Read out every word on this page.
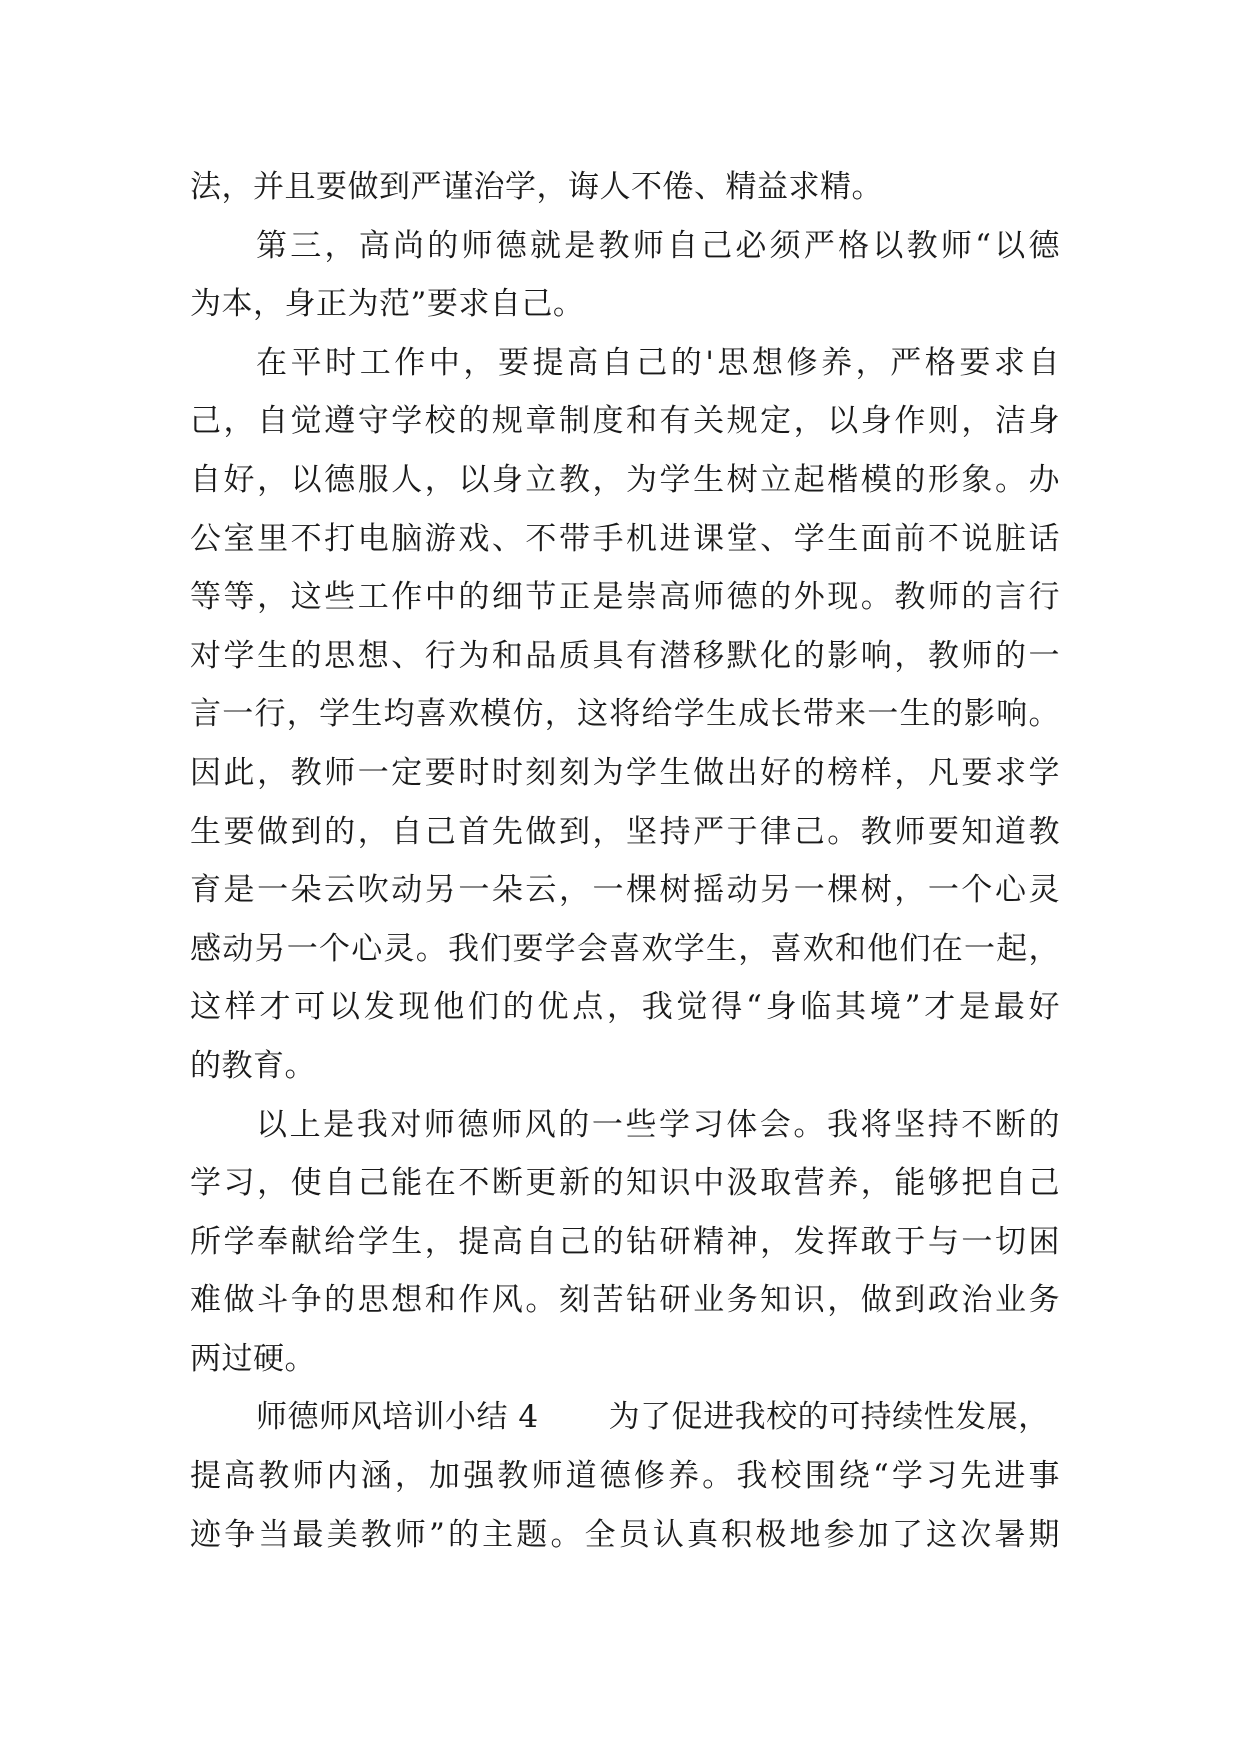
法，并且要做到严谨治学，诲人不倦、精益求精。
第三，高尚的师德就是教师自己必须严格以教师“以德
为本，身正为范”要求自己。
在平时工作中，要提高自己的'思想修养，严格要求自
己，自觉遵守学校的规章制度和有关规定，以身作则，洁身
自好，以德服人，以身立教，为学生树立起楷模的形象。办
公室里不打电脑游戏、不带手机进课堂、学生面前不说脏话
等等，这些工作中的细节正是崇高师德的外现。教师的言行
对学生的思想、行为和品质具有潜移默化的影响，教师的一
言一行，学生均喜欢模仿，这将给学生成长带来一生的影响。
因此，教师一定要时时刻刻为学生做出好的榜样，凡要求学
生要做到的，自己首先做到，坚持严于律己。教师要知道教
育是一朵云吹动另一朵云，一棵树摇动另一棵树，一个心灵
感动另一个心灵。我们要学会喜欢学生，喜欢和他们在一起，
这样才可以发现他们的优点，我觉得“身临其境”才是最好
的教育。
以上是我对师德师风的一些学习体会。我将坚持不断的
学习，使自己能在不断更新的知识中汲取营养，能够把自己
所学奉献给学生，提高自己的钻研精神，发挥敢于与一切困
难做斗争的思想和作风。刻苦钻研业务知识，做到政治业务
两过硬。
师德师风培训小结 4 为了促进我校的可持续性发展，
提高教师内涵，加强教师道德修养。我校围绕“学习先进事
迹争当最美教师”的主题。全员认真积极地参加了这次暑期
